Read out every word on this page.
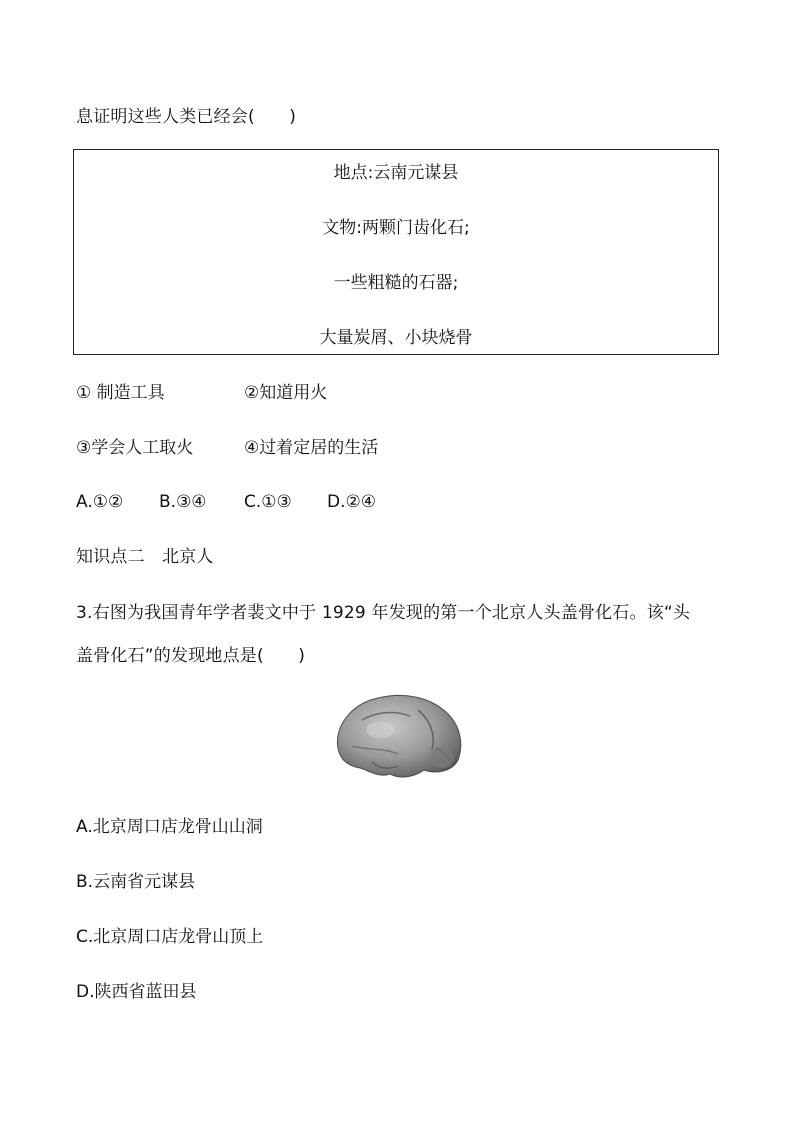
息证明这些人类已经会(　　)
地点:云南元谋县
文物:两颗门齿化石;
一些粗糙的石器;
大量炭屑、小块烧骨
① 制造工具	②知道用火
③学会人工取火	④过着定居的生活
A.①② B.③④ C.①③ D.②④
知识点二　北京人
3.右图为我国青年学者裴文中于 1929 年发现的第一个北京人头盖骨化石。该“头
盖骨化石”的发现地点是(　　)
A.北京周口店龙骨山山洞
B.云南省元谋县
C.北京周口店龙骨山顶上
D.陕西省蓝田县
